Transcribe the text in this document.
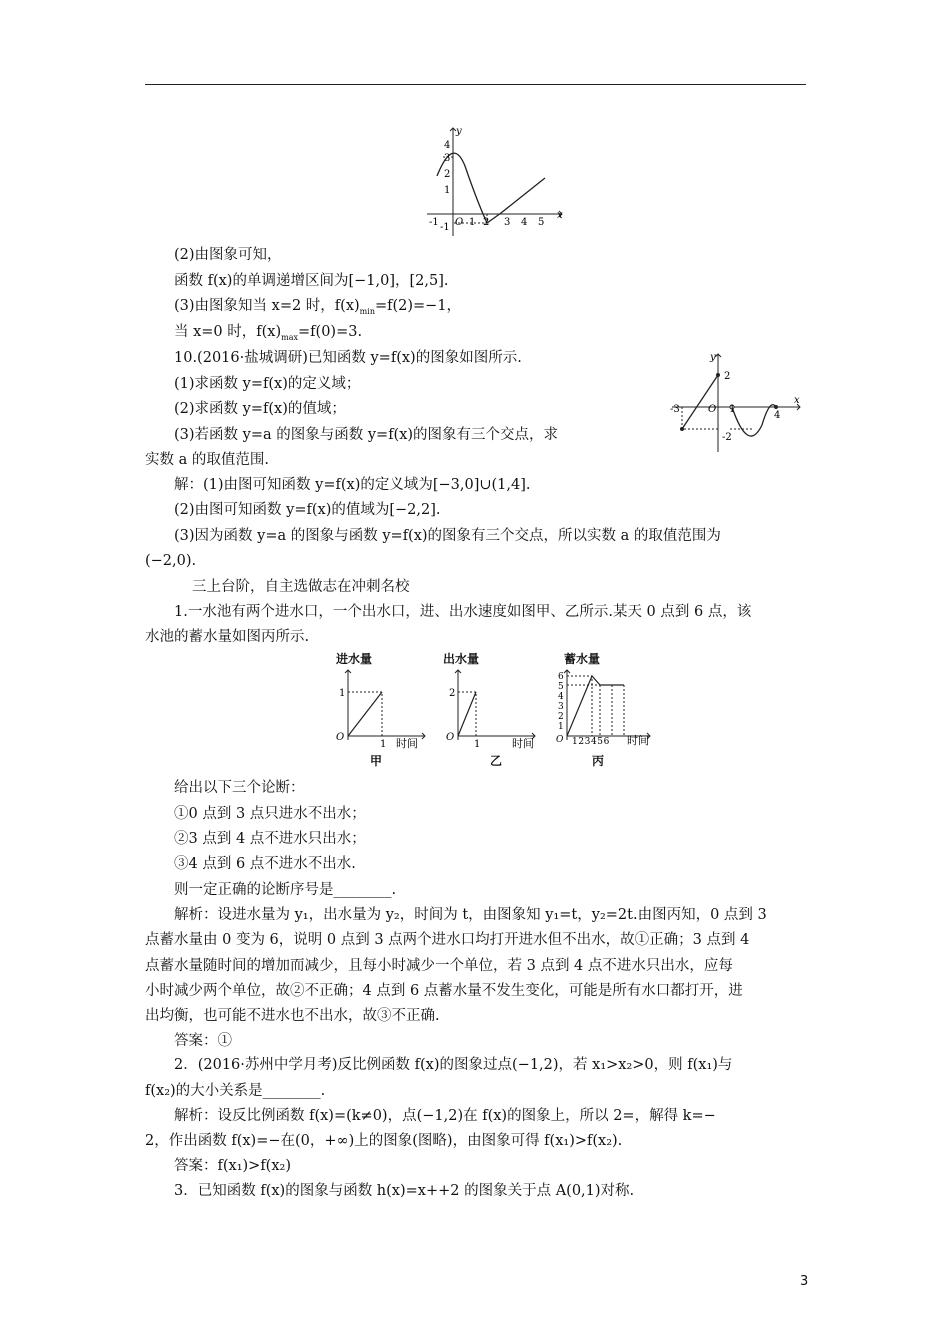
y
x
4
3
2
1
-1
-1 O 1 2 3 4 5
(2)由图象可知，
函数 f(x)的单调递增区间为[−1,0]，[2,5].
(3)由图象知当 x=2 时，$f(x)_{min}=f(2)=-1$，
当 x=0 时，$f(x)_{max}=f(0)=3$.
10.(2016·盐城调研)已知函数 y=f(x)的图象如图所示.
(1)求函数 y=f(x)的定义域；
(2)求函数 y=f(x)的值域；
(3)若函数 y=a 的图象与函数 y=f(x)的图象有三个交点，求
实数 a 的取值范围.
y
x
-3	O 1
4
2
-2
解：(1)由图可知函数 y=f(x)的定义域为[−3,0]∪(1,4].
(2)由图可知函数 y=f(x)的值域为[−2,2].
(3)因为函数 y=a 的图象与函数 y=f(x)的图象有三个交点，所以实数 a 的取值范围为
(−2,0).
三上台阶，自主选做志在冲刺名校
1.一水池有两个进水口，一个出水口，进、出水速度如图甲、乙所示.某天 0 点到 6 点，该
水池的蓄水量如图丙所示.
进水量
1
O
1 时间
甲
出水量
2
O
1	时间
乙
蓄水量
6
5
4
3
2
1
O 123456 时间
丙
给出以下三个论断：
①0 点到 3 点只进水不出水；
②3 点到 4 点不进水只出水；
③4 点到 6 点不进水不出水.
则一定正确的论断序号是________.
解析：设进水量为 y₁，出水量为 y₂，时间为 t，由图象知 y₁=t，y₂=2t.由图丙知，0 点到 3
点蓄水量由 0 变为 6，说明 0 点到 3 点两个进水口均打开进水但不出水，故①正确；3 点到 4
点蓄水量随时间的增加而减少，且每小时减少一个单位，若 3 点到 4 点不进水只出水，应每
小时减少两个单位，故②不正确；4 点到 6 点蓄水量不发生变化，可能是所有水口都打开，进
出均衡，也可能不进水也不出水，故③不正确.
答案：①
2．(2016·苏州中学月考)反比例函数 f(x)的图象过点(−1,2)，若 x₁>x₂>0，则 f(x₁)与
f(x₂)的大小关系是________.
解析：设反比例函数 f(x)=(k≠0)，点(−1,2)在 f(x)的图象上，所以 2=，解得 k=−
2，作出函数 f(x)=−在(0，+∞)上的图象(图略)，由图象可得 f(x₁)>f(x₂).
答案：f(x₁)>f(x₂)
3．已知函数 f(x)的图象与函数 h(x)=x++2 的图象关于点 A(0,1)对称.
3
